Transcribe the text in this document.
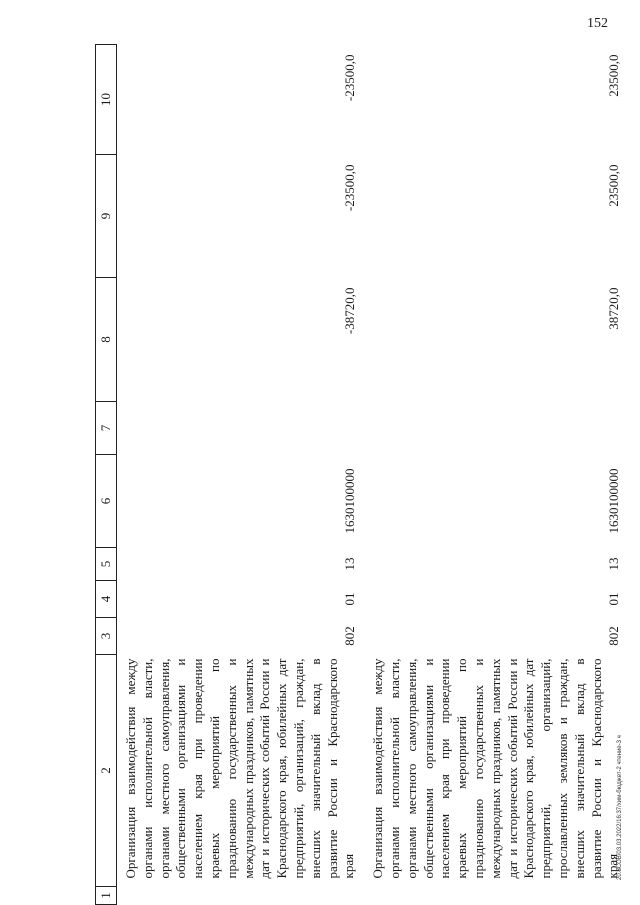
152
20.ЗСОВ/03.03.2022/16:37/хим-бюджет-2 чтение-3 ч
1	2	3	4	5	6	7	8	9	10
	Организация взаимодействия между органами исполнительной власти, органами местного самоуправления, общественными организациями и населением края при проведении краевых мероприятий по празднованию государственных и международных праздников, памятных дат и исторических событий России и Краснодарского края, юбилейных дат предприятий, организаций, граждан, внесших значительный вклад в развитие России и Краснодарского края	802	01	13	1630100000		-38720,0	-23500,0	-23500,0
	Организация взаимодействия между органами исполнительной власти, органами местного самоуправления, общественными организациями и населением края при проведении краевых мероприятий по празднованию государственных и международных праздников, памятных дат и исторических событий России и Краснодарского края, юбилейных дат предприятий, организаций, прославленных земляков и граждан, внесших значительный вклад в развитие России и Краснодарского края	802	01	13	1630100000		38720,0	23500,0	23500,0
